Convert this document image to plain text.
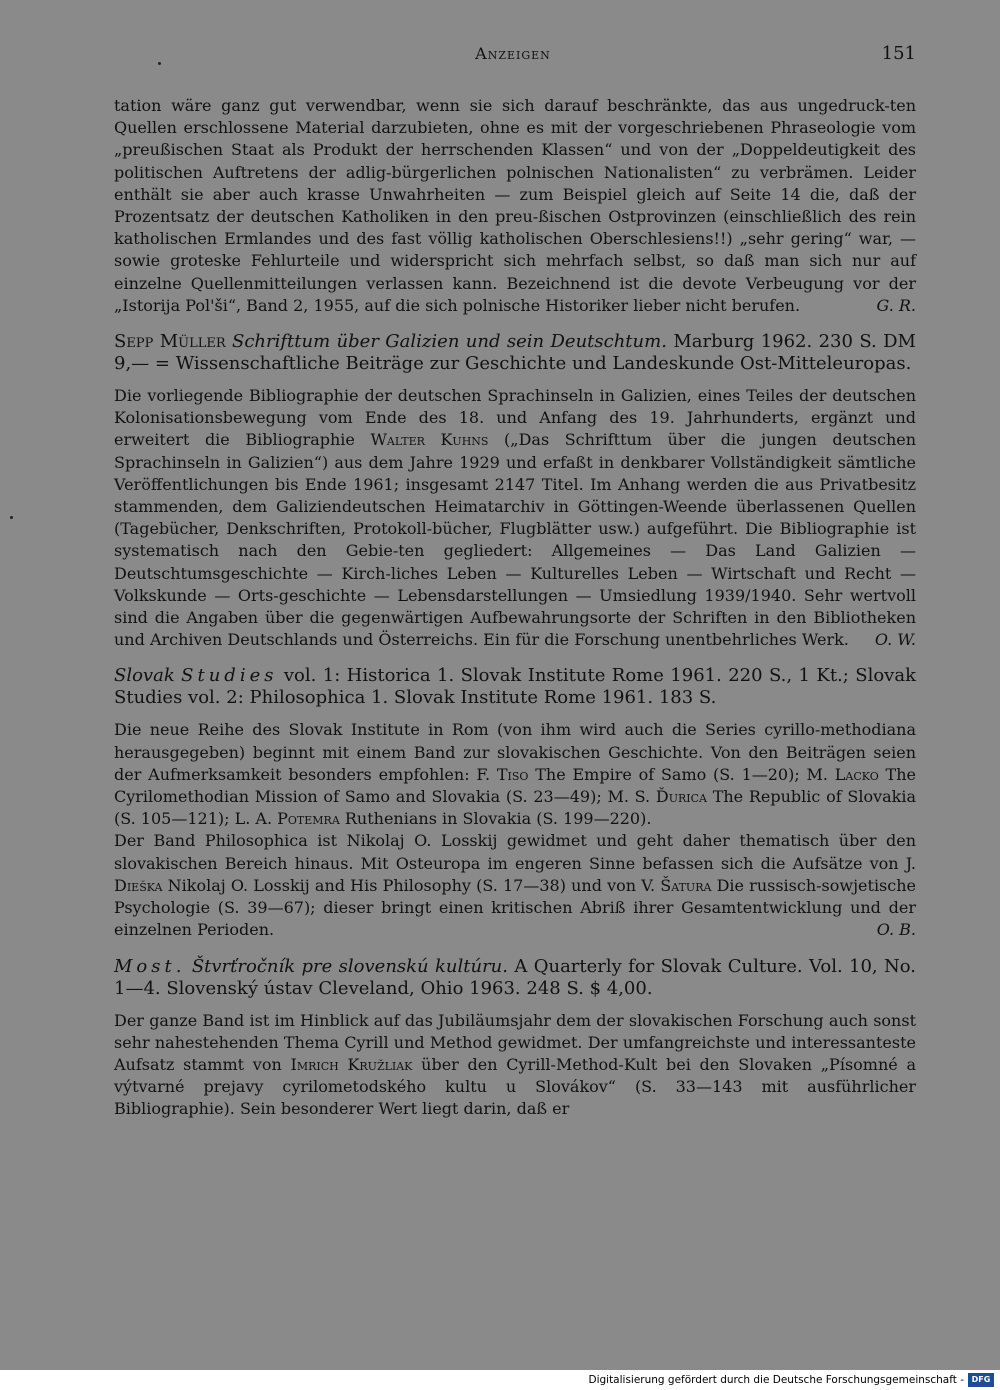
Anzeigen	151

tation wäre ganz gut verwendbar, wenn sie sich darauf beschränkte, das aus ungedruck-ten Quellen erschlossene Material darzubieten, ohne es mit der vorgeschriebenen Phraseologie vom „preußischen Staat als Produkt der herrschenden Klassen“ und von der „Doppeldeutigkeit des politischen Auftretens der adlig-bürgerlichen polnischen Nationalisten“ zu verbrämen. Leider enthält sie aber auch krasse Unwahrheiten — zum Beispiel gleich auf Seite 14 die, daß der Prozentsatz der deutschen Katholiken in den preu-ßischen Ostprovinzen (einschließlich des rein katholischen Ermlandes und des fast völlig katholischen Oberschlesiens!!) „sehr gering“ war, — sowie groteske Fehlurteile und widerspricht sich mehrfach selbst, so daß man sich nur auf einzelne Quellenmitteilungen verlassen kann. Bezeichnend ist die devote Verbeugung vor der „Istorija Pol'ši“, Band 2, 1955, auf die sich polnische Historiker lieber nicht berufen.	G. R.

Sepp Müller Schrifttum über Galizien und sein Deutschtum. Marburg 1962. 230 S. DM 9,— = Wissenschaftliche Beiträge zur Geschichte und Landeskunde Ost-Mitteleuropas.

Die vorliegende Bibliographie der deutschen Sprachinseln in Galizien, eines Teiles der deutschen Kolonisationsbewegung vom Ende des 18. und Anfang des 19. Jahrhunderts, ergänzt und erweitert die Bibliographie Walter Kuhns („Das Schrifttum über die jungen deutschen Sprachinseln in Galizien“) aus dem Jahre 1929 und erfaßt in denkbarer Vollständigkeit sämtliche Veröffentlichungen bis Ende 1961; insgesamt 2147 Titel. Im Anhang werden die aus Privatbesitz stammenden, dem Galiziendeutschen Heimatarchiv in Göttingen-Weende überlassenen Quellen (Tagebücher, Denkschriften, Protokoll-bücher, Flugblätter usw.) aufgeführt. Die Bibliographie ist systematisch nach den Gebie-ten gegliedert: Allgemeines — Das Land Galizien — Deutschtumsgeschichte — Kirch-liches Leben — Kulturelles Leben — Wirtschaft und Recht — Volkskunde — Orts-geschichte — Lebensdarstellungen — Umsiedlung 1939/1940. Sehr wertvoll sind die Angaben über die gegenwärtigen Aufbewahrungsorte der Schriften in den Bibliotheken und Archiven Deutschlands und Österreichs. Ein für die Forschung unentbehrliches Werk. O. W.

Slovak Studies vol. 1: Historica 1. Slovak Institute Rome 1961. 220 S., 1 Kt.; Slovak Studies vol. 2: Philosophica 1. Slovak Institute Rome 1961. 183 S.

Die neue Reihe des Slovak Institute in Rom (von ihm wird auch die Series cyrillo-methodiana herausgegeben) beginnt mit einem Band zur slovakischen Geschichte. Von den Beiträgen seien der Aufmerksamkeit besonders empfohlen: F. Tiso The Empire of Samo (S. 1—20); M. Lacko The Cyrilomethodian Mission of Samo and Slovakia (S. 23—49); M. S. Ďurica The Republic of Slovakia (S. 105—121); L. A. Potemra Ruthenians in Slovakia (S. 199—220).

Der Band Philosophica ist Nikolaj O. Losskij gewidmet und geht daher thematisch über den slovakischen Bereich hinaus. Mit Osteuropa im engeren Sinne befassen sich die Aufsätze von J. Dieška Nikolaj O. Losskij and His Philosophy (S. 17—38) und von V. Šatura Die russisch-sowjetische Psychologie (S. 39—67); dieser bringt einen kritischen Abriß ihrer Gesamtentwicklung und der einzelnen Perioden.	O. B.

Most. Štvrťročník pre slovenskú kultúru. A Quarterly for Slovak Culture. Vol. 10, No. 1—4. Slovenský ústav Cleveland, Ohio 1963. 248 S. $ 4,00.

Der ganze Band ist im Hinblick auf das Jubiläumsjahr dem der slovakischen Forschung auch sonst sehr nahestehenden Thema Cyrill und Method gewidmet. Der umfangreichste und interessanteste Aufsatz stammt von Imrich Kružliak über den Cyrill-Method-Kult bei den Slovaken „Písomné a výtvarné prejavy cyrilometodského kultu u Slovákov“ (S. 33—143 mit ausführlicher Bibliographie). Sein besonderer Wert liegt darin, daß er

Digitalisierung gefördert durch die Deutsche Forschungsgemeinschaft - DFG
